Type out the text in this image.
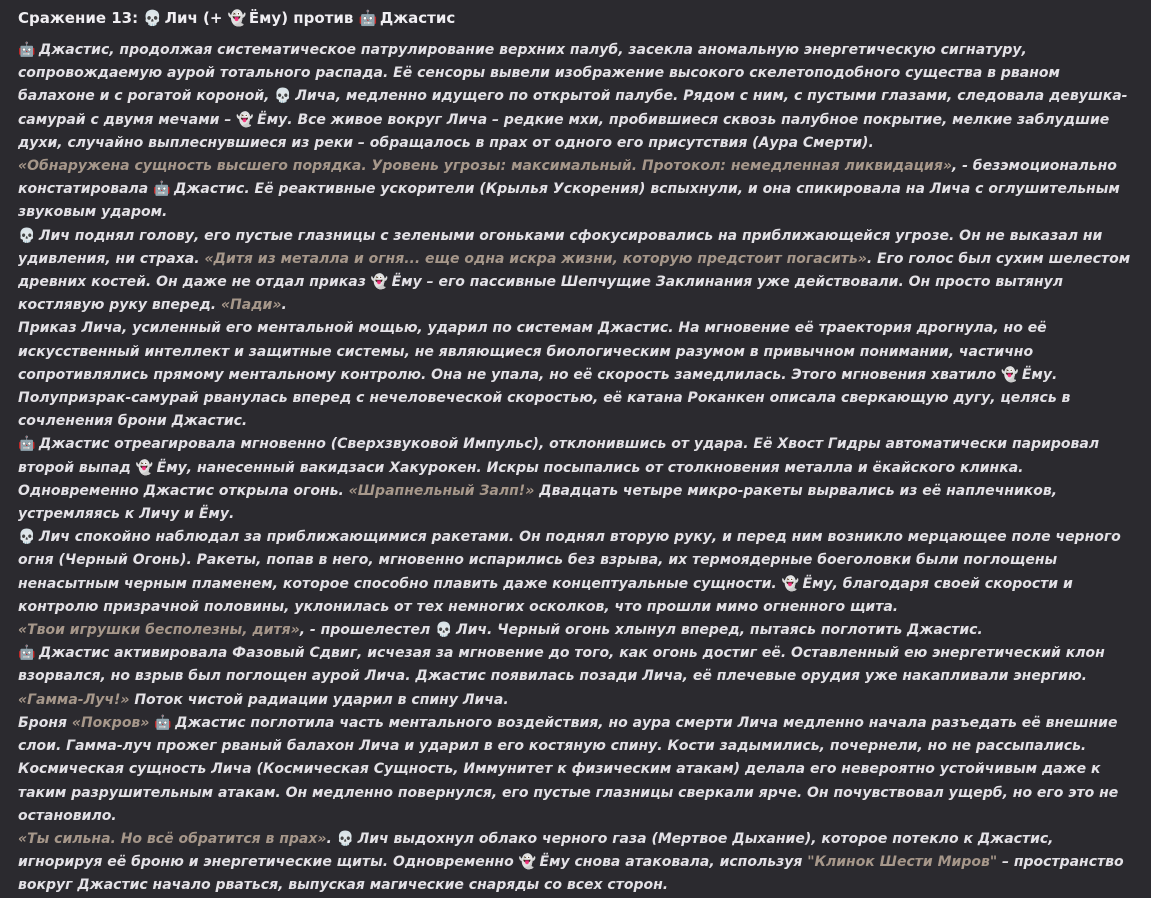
Сражение 13: 💀 Лич (+ 👻 Ёму) против 🤖 Джастис

🤖 Джастис, продолжая систематическое патрулирование верхних палуб, засекла аномальную энергетическую сигнатуру, сопровождаемую аурой тотального распада. Её сенсоры вывели изображение высокого скелетоподобного существа в рваном балахоне и с рогатой короной, 💀 Лича, медленно идущего по открытой палубе. Рядом с ним, с пустыми глазами, следовала девушка-самурай с двумя мечами – 👻 Ёму. Все живое вокруг Лича – редкие мхи, пробившиеся сквозь палубное покрытие, мелкие заблудшие духи, случайно выплеснувшиеся из реки – обращалось в прах от одного его присутствия (Аура Смерти).

«Обнаружена сущность высшего порядка. Уровень угрозы: максимальный. Протокол: немедленная ликвидация», - безэмоционально констатировала 🤖 Джастис. Её реактивные ускорители (Крылья Ускорения) вспыхнули, и она спикировала на Лича с оглушительным звуковым ударом.

💀 Лич поднял голову, его пустые глазницы с зелеными огоньками сфокусировались на приближающейся угрозе. Он не выказал ни удивления, ни страха. «Дитя из металла и огня... еще одна искра жизни, которую предстоит погасить». Его голос был сухим шелестом древних костей. Он даже не отдал приказ 👻 Ёму – его пассивные Шепчущие Заклинания уже действовали. Он просто вытянул костлявую руку вперед. «Пади».

Приказ Лича, усиленный его ментальной мощью, ударил по системам Джастис. На мгновение её траектория дрогнула, но её искусственный интеллект и защитные системы, не являющиеся биологическим разумом в привычном понимании, частично сопротивлялись прямому ментальному контролю. Она не упала, но её скорость замедлилась. Этого мгновения хватило 👻 Ёму. Полупризрак-самурай рванулась вперед с нечеловеческой скоростью, её катана Роканкен описала сверкающую дугу, целясь в сочленения брони Джастис.

🤖 Джастис отреагировала мгновенно (Сверхзвуковой Импульс), отклонившись от удара. Её Хвост Гидры автоматически парировал второй выпад 👻 Ёму, нанесенный вакидзаси Хакурокен. Искры посыпались от столкновения металла и ёкайского клинка. Одновременно Джастис открыла огонь. «Шрапнельный Залп!» Двадцать четыре микро-ракеты вырвались из её наплечников, устремляясь к Личу и Ёму.

💀 Лич спокойно наблюдал за приближающимися ракетами. Он поднял вторую руку, и перед ним возникло мерцающее поле черного огня (Черный Огонь). Ракеты, попав в него, мгновенно испарились без взрыва, их термоядерные боеголовки были поглощены ненасытным черным пламенем, которое способно плавить даже концептуальные сущности. 👻 Ёму, благодаря своей скорости и контролю призрачной половины, уклонилась от тех немногих осколков, что прошли мимо огненного щита.

«Твои игрушки бесполезны, дитя», - прошелестел 💀 Лич. Черный огонь хлынул вперед, пытаясь поглотить Джастис.

🤖 Джастис активировала Фазовый Сдвиг, исчезая за мгновение до того, как огонь достиг её. Оставленный ею энергетический клон взорвался, но взрыв был поглощен аурой Лича. Джастис появилась позади Лича, её плечевые орудия уже накапливали энергию. «Гамма-Луч!» Поток чистой радиации ударил в спину Лича.

Броня «Покров» 🤖 Джастис поглотила часть ментального воздействия, но аура смерти Лича медленно начала разъедать её внешние слои. Гамма-луч прожег рваный балахон Лича и ударил в его костяную спину. Кости задымились, почернели, но не рассыпались. Космическая сущность Лича (Космическая Сущность, Иммунитет к физическим атакам) делала его невероятно устойчивым даже к таким разрушительным атакам. Он медленно повернулся, его пустые глазницы сверкали ярче. Он почувствовал ущерб, но его это не остановило.

«Ты сильна. Но всё обратится в прах». 💀 Лич выдохнул облако черного газа (Мертвое Дыхание), которое потекло к Джастис, игнорируя её броню и энергетические щиты. Одновременно 👻 Ёму снова атаковала, используя "Клинок Шести Миров" – пространство вокруг Джастис начало рваться, выпуская магические снаряды со всех сторон.
